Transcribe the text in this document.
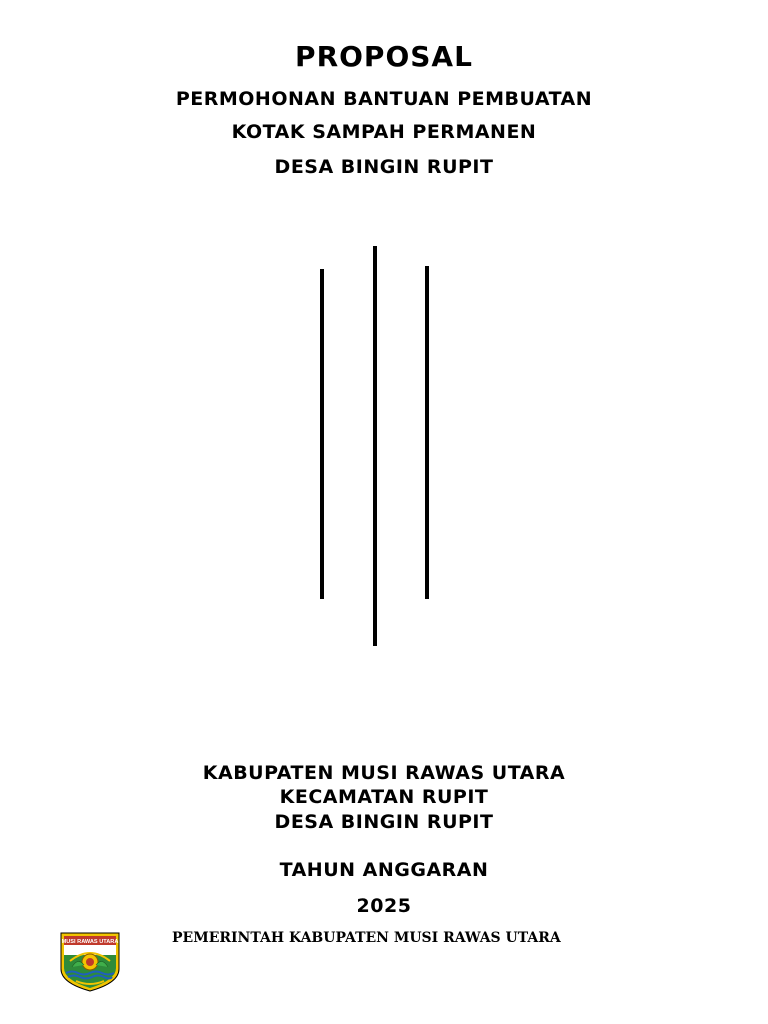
PROPOSAL
PERMOHONAN BANTUAN PEMBUATAN
KOTAK SAMPAH PERMANEN
DESA BINGIN RUPIT
KABUPATEN MUSI RAWAS UTARA
KECAMATAN RUPIT
DESA BINGIN RUPIT
TAHUN ANGGARAN
2025
MUSI RAWAS UTARA	PEMERINTAH KABUPATEN MUSI RAWAS UTARA
